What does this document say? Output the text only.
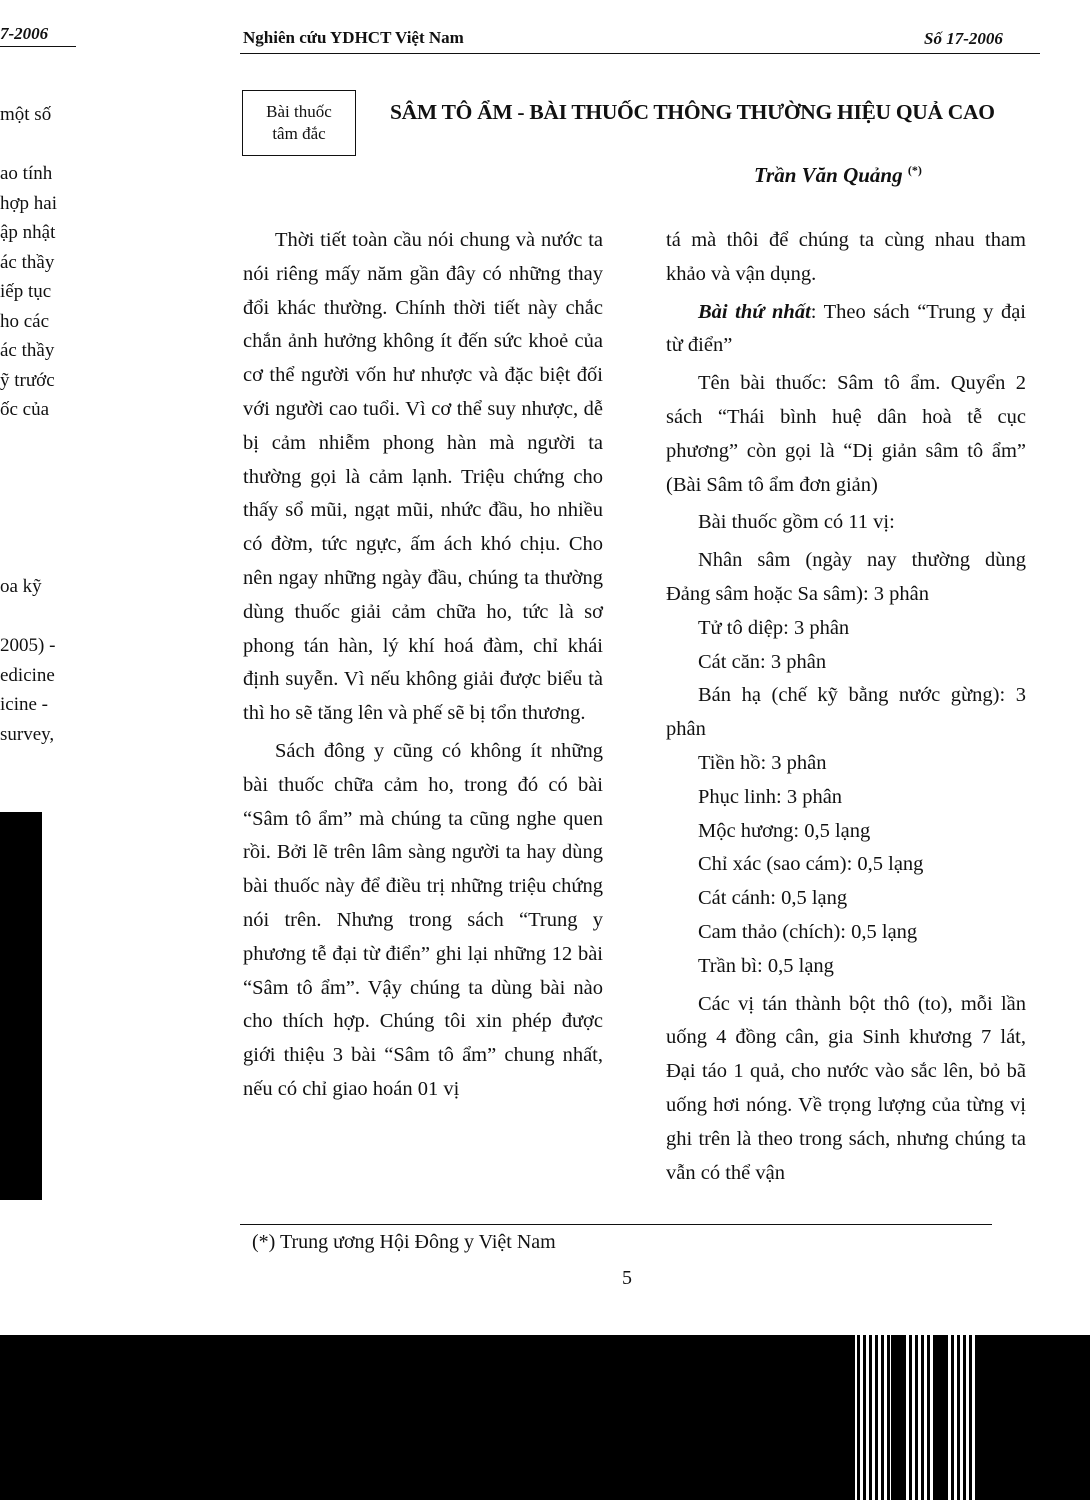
7-2006	Nghiên cứu YDHCT Việt Nam	Số 17-2006
một số

ao tính
hợp hai
ập nhật
ác thầy
iếp tục
ho các
ác thầy
ỹ trước
ốc của

oa kỹ

2005) -
edicine
icine -
survey,
Bài thuốc
tâm đắc
SÂM TÔ ẨM - BÀI THUỐC THÔNG THƯỜNG HIỆU QUẢ CAO
Trần Văn Quảng (*)

Thời tiết toàn cầu nói chung và nước ta nói riêng mấy năm gần đây có những thay đổi khác thường. Chính thời tiết này chắc chắn ảnh hưởng không ít đến sức khoẻ của cơ thể người vốn hư nhược và đặc biệt đối với người cao tuổi. Vì cơ thể suy nhược, dễ bị cảm nhiễm phong hàn mà người ta thường gọi là cảm lạnh. Triệu chứng cho thấy sổ mũi, ngạt mũi, nhức đầu, ho nhiều có đờm, tức ngực, ấm ách khó chịu. Cho nên ngay những ngày đầu, chúng ta thường dùng thuốc giải cảm chữa ho, tức là sơ phong tán hàn, lý khí hoá đàm, chỉ khái định suyễn. Vì nếu không giải được biểu tà thì ho sẽ tăng lên và phế sẽ bị tổn thương.

Sách đông y cũng có không ít những bài thuốc chữa cảm ho, trong đó có bài “Sâm tô ẩm” mà chúng ta cũng nghe quen rồi. Bởi lẽ trên lâm sàng người ta hay dùng bài thuốc này để điều trị những triệu chứng nói trên. Nhưng trong sách “Trung y phương tễ đại từ điển” ghi lại những 12 bài “Sâm tô ẩm”. Vậy chúng ta dùng bài nào cho thích hợp. Chúng tôi xin phép được giới thiệu 3 bài “Sâm tô ẩm” chung nhất, nếu có chỉ giao hoán 01 vị

tá mà thôi để chúng ta cùng nhau tham khảo và vận dụng.

Bài thứ nhất: Theo sách “Trung y đại từ điển”

Tên bài thuốc: Sâm tô ẩm. Quyển 2 sách “Thái bình huệ dân hoà tễ cục phương” còn gọi là “Dị giản sâm tô ẩm” (Bài Sâm tô ẩm đơn giản)

Bài thuốc gồm có 11 vị:

Nhân sâm (ngày nay thường dùng Đảng sâm hoặc Sa sâm): 3 phân

Tử tô diệp: 3 phân

Cát căn: 3 phân

Bán hạ (chế kỹ bằng nước gừng): 3 phân

Tiền hồ: 3 phân

Phục linh: 3 phân

Mộc hương: 0,5 lạng

Chỉ xác (sao cám): 0,5 lạng

Cát cánh: 0,5 lạng

Cam thảo (chích): 0,5 lạng

Trần bì: 0,5 lạng

Các vị tán thành bột thô (to), mỗi lần uống 4 đồng cân, gia Sinh khương 7 lát, Đại táo 1 quả, cho nước vào sắc lên, bỏ bã uống hơi nóng. Về trọng lượng của từng vị ghi trên là theo trong sách, nhưng chúng ta vẫn có thể vận

(*) Trung ương Hội Đông y Việt Nam
5
